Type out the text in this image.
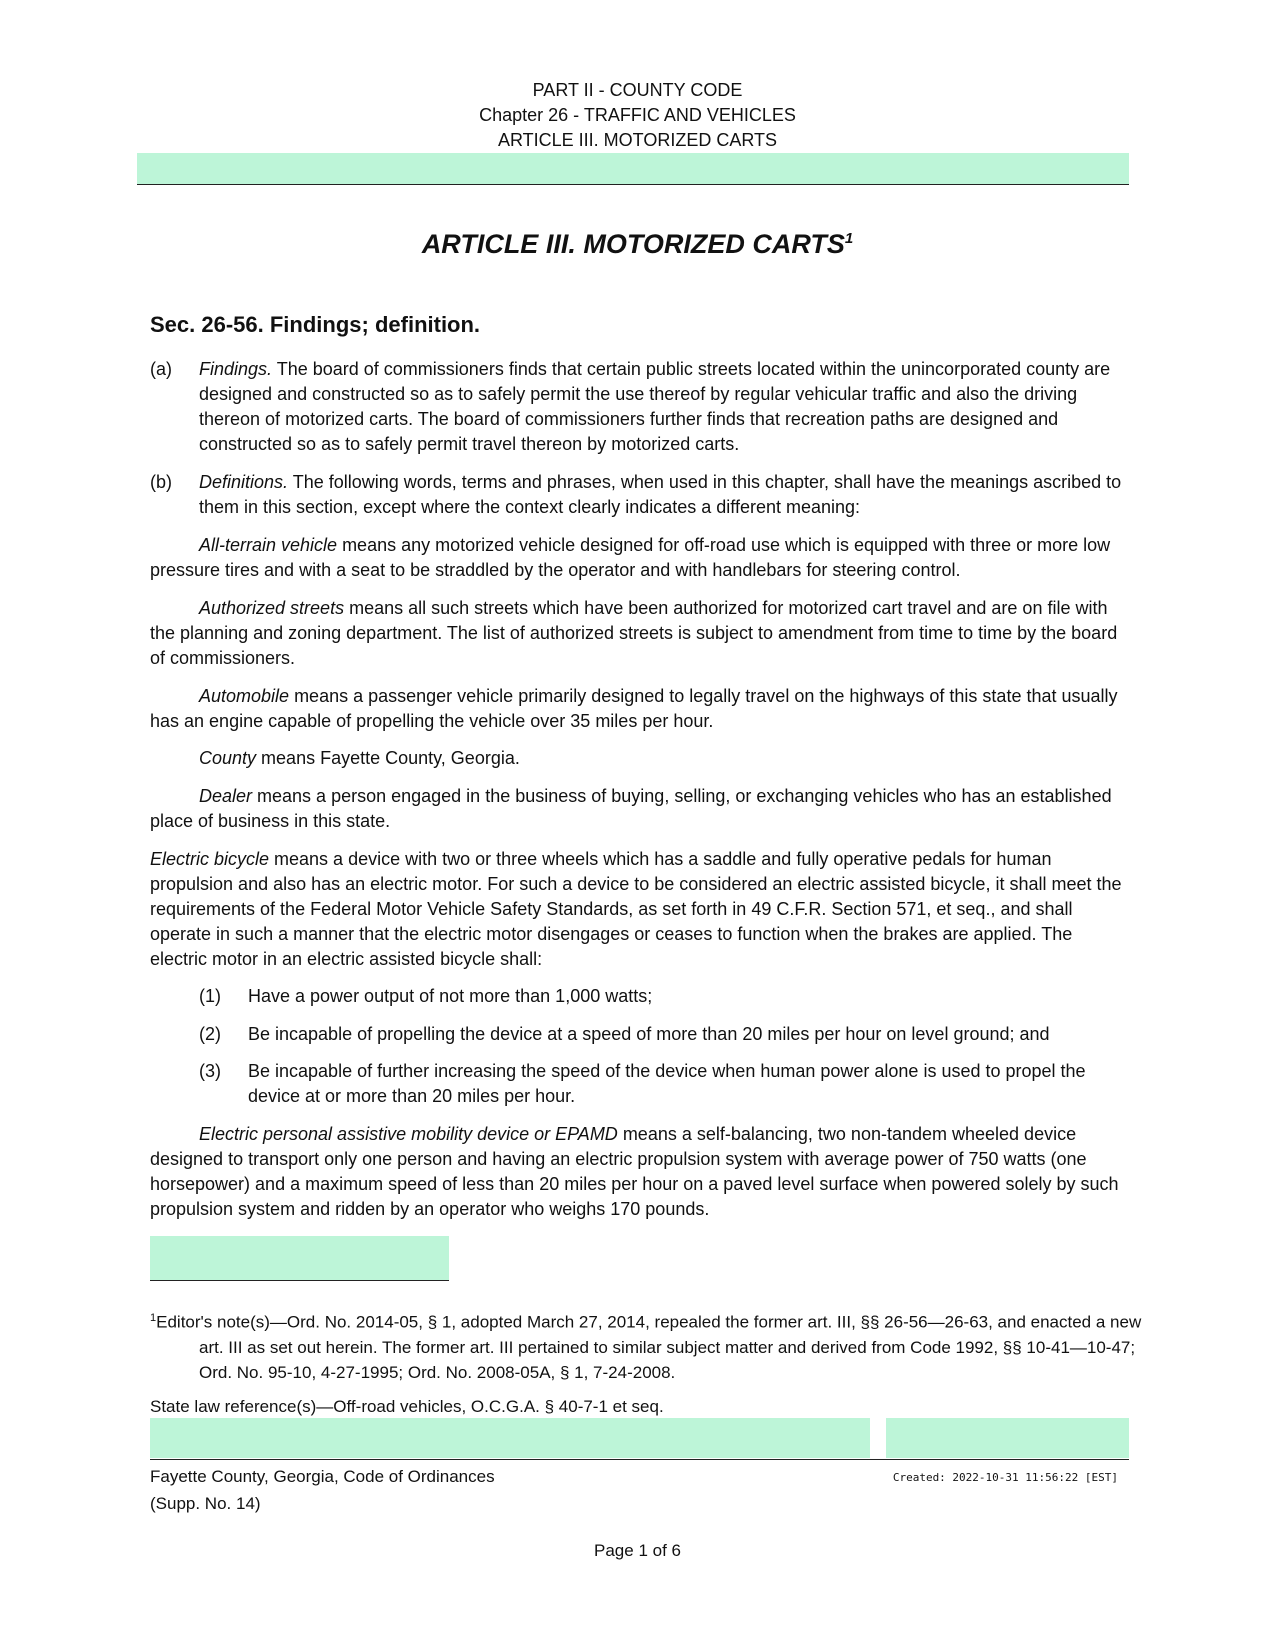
PART II - COUNTY CODE
Chapter 26 - TRAFFIC AND VEHICLES
ARTICLE III. MOTORIZED CARTS
ARTICLE III. MOTORIZED CARTS$^1$
Sec. 26-56. Findings; definition.
(a) Findings. The board of commissioners finds that certain public streets located within the unincorporated county are designed and constructed so as to safely permit the use thereof by regular vehicular traffic and also the driving thereon of motorized carts. The board of commissioners further finds that recreation paths are designed and constructed so as to safely permit travel thereon by motorized carts.
(b) Definitions. The following words, terms and phrases, when used in this chapter, shall have the meanings ascribed to them in this section, except where the context clearly indicates a different meaning:
All-terrain vehicle means any motorized vehicle designed for off-road use which is equipped with three or more low pressure tires and with a seat to be straddled by the operator and with handlebars for steering control.
Authorized streets means all such streets which have been authorized for motorized cart travel and are on file with the planning and zoning department. The list of authorized streets is subject to amendment from time to time by the board of commissioners.
Automobile means a passenger vehicle primarily designed to legally travel on the highways of this state that usually has an engine capable of propelling the vehicle over 35 miles per hour.
County means Fayette County, Georgia.
Dealer means a person engaged in the business of buying, selling, or exchanging vehicles who has an established place of business in this state.
Electric bicycle means a device with two or three wheels which has a saddle and fully operative pedals for human propulsion and also has an electric motor. For such a device to be considered an electric assisted bicycle, it shall meet the requirements of the Federal Motor Vehicle Safety Standards, as set forth in 49 C.F.R. Section 571, et seq., and shall operate in such a manner that the electric motor disengages or ceases to function when the brakes are applied. The electric motor in an electric assisted bicycle shall:
(1) Have a power output of not more than 1,000 watts;
(2) Be incapable of propelling the device at a speed of more than 20 miles per hour on level ground; and
(3) Be incapable of further increasing the speed of the device when human power alone is used to propel the device at or more than 20 miles per hour.
Electric personal assistive mobility device or EPAMD means a self-balancing, two non-tandem wheeled device designed to transport only one person and having an electric propulsion system with average power of 750 watts (one horsepower) and a maximum speed of less than 20 miles per hour on a paved level surface when powered solely by such propulsion system and ridden by an operator who weighs 170 pounds.
$^1$Editor's note(s)—Ord. No. 2014-05, § 1, adopted March 27, 2014, repealed the former art. III, §§ 26-56—26-63, and enacted a new art. III as set out herein. The former art. III pertained to similar subject matter and derived from Code 1992, §§ 10-41—10-47; Ord. No. 95-10, 4-27-1995; Ord. No. 2008-05A, § 1, 7-24-2008.
State law reference(s)—Off-road vehicles, O.C.G.A. § 40-7-1 et seq.
Fayette County, Georgia, Code of Ordinances
(Supp. No. 14)
Created: 2022-10-31 11:56:22 [EST]
Page 1 of 6
